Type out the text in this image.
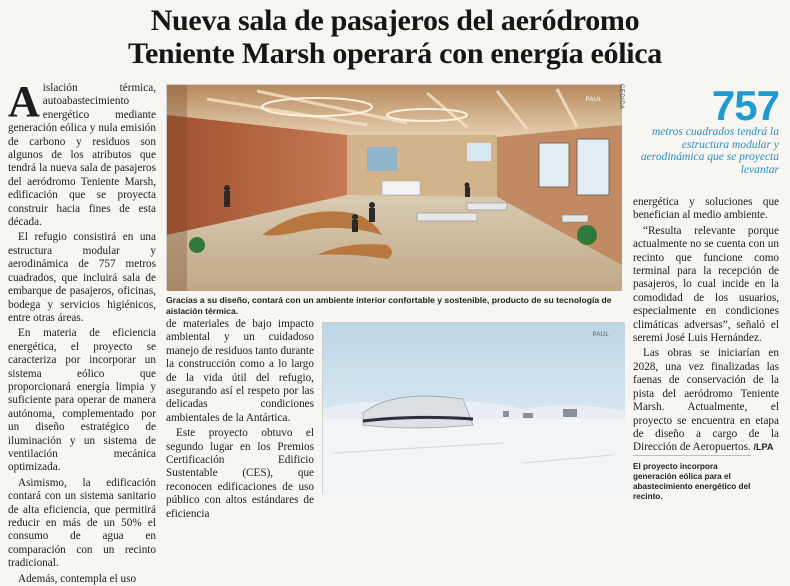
Nueva sala de pasajeros del aeródromo
Teniente Marsh operará con energía eólica

Aislación térmica, autoabastecimiento energético mediante generación eólica y nula emisión de carbono y residuos son algunos de los atributos que tendrá la nueva sala de pasajeros del aeródromo Teniente Marsh, edificación que se proyecta construir hacia fines de esta década.

El refugio consistirá en una estructura modular y aerodinámica de 757 metros cuadrados, que incluirá sala de embarque de pasajeros, oficinas, bodega y servicios higiénicos, entre otras áreas.

En materia de eficiencia energética, el proyecto se caracteriza por incorporar un sistema eólico que proporcionará energía limpia y suficiente para operar de manera autónoma, complementado por un diseño estratégico de iluminación y un sistema de ventilación mecánica optimizada.

Asimismo, la edificación contará con un sistema sanitario de alta eficiencia, que permitirá reducir en más de un 50% el consumo de agua en comparación con un recinto tradicional.

Además, contempla el uso

PAUL	CEDIDA
Gracias a su diseño, contará con un ambiente interior confortable y sostenible, producto de su tecnología de aislación térmica.

de materiales de bajo impacto ambiental y un cuidadoso manejo de residuos tanto durante la construcción como a lo largo de la vida útil del refugio, asegurando así el respeto por las delicadas condiciones ambientales de la Antártica.

Este proyecto obtuvo el segundo lugar en los Premios Certificación Edificio Sustentable (CES), que reconocen edificaciones de uso público con altos estándares de eficiencia

PAUL
757
metros cuadrados tendrá la estructura modular y aerodinámica que se proyecta levantar

energética y soluciones que benefician al medio ambiente.

“Resulta relevante porque actualmente no se cuenta con un recinto que funcione como terminal para la recepción de pasajeros, lo cual incide en la comodidad de los usuarios, especialmente en condiciones climáticas adversas”, señaló el seremi José Luis Hernández.

Las obras se iniciarían en 2028, una vez finalizadas las faenas de conservación de la pista del aeródromo Teniente Marsh. Actualmente, el proyecto se encuentra en etapa de diseño a cargo de la Dirección de Aeropuertos. /LPA

El proyecto incorpora generación eólica para el abastecimiento energético del recinto.
